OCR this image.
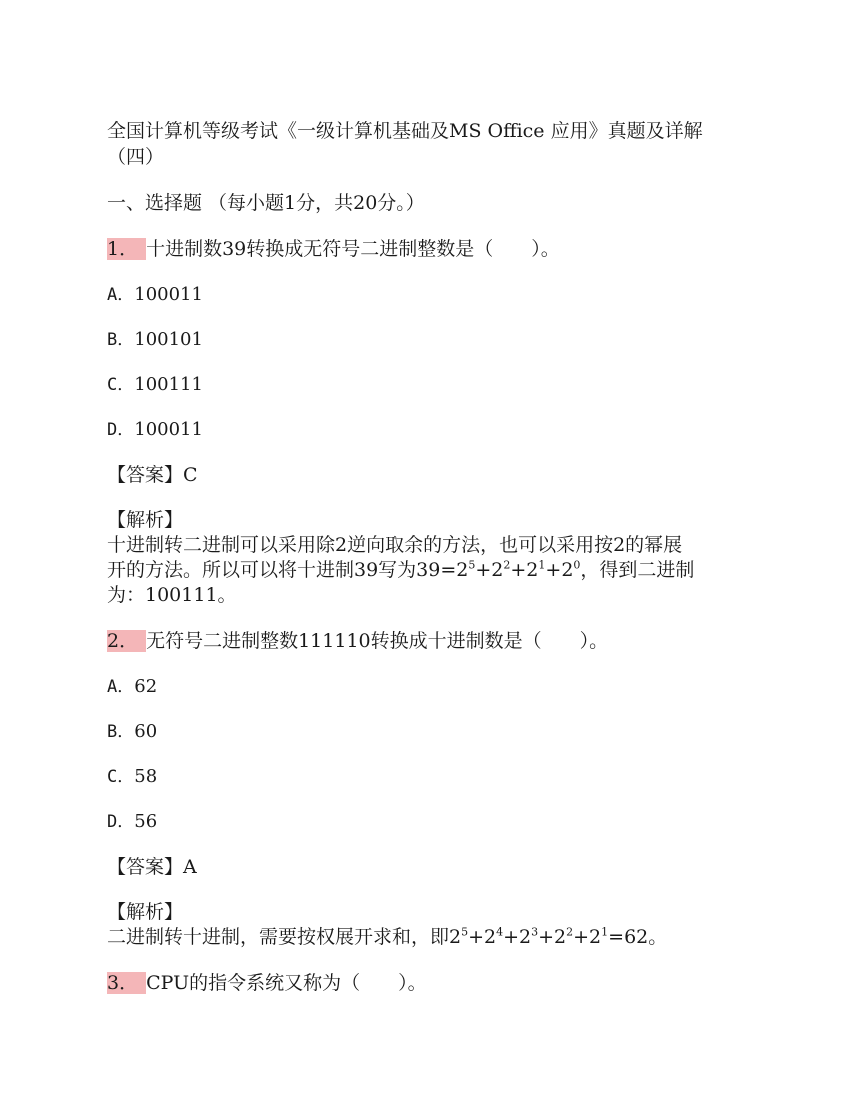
全国计算机等级考试《一级计算机基础及MS Office 应用》真题及详解（四）

一、选择题 （每小题1分，共20分。）

1． 十进制数39转换成无符号二进制整数是（　　）。

A．100011

B．100101

C．100111

D．100011

【答案】C

【解析】

十进制转二进制可以采用除2逆向取余的方法，也可以采用按2的幂展
开的方法。所以可以将十进制39写为$39=2^5+2^2+2^1+2^0$，得到二进制
为：100111。

2． 无符号二进制整数111110转换成十进制数是（　　）。

A．62

B．60

C．58

D．56

【答案】A

【解析】

二进制转十进制，需要按权展开求和，即$2^5+2^4+2^3+2^2+2^1=62$。

3． CPU的指令系统又称为（　　）。
